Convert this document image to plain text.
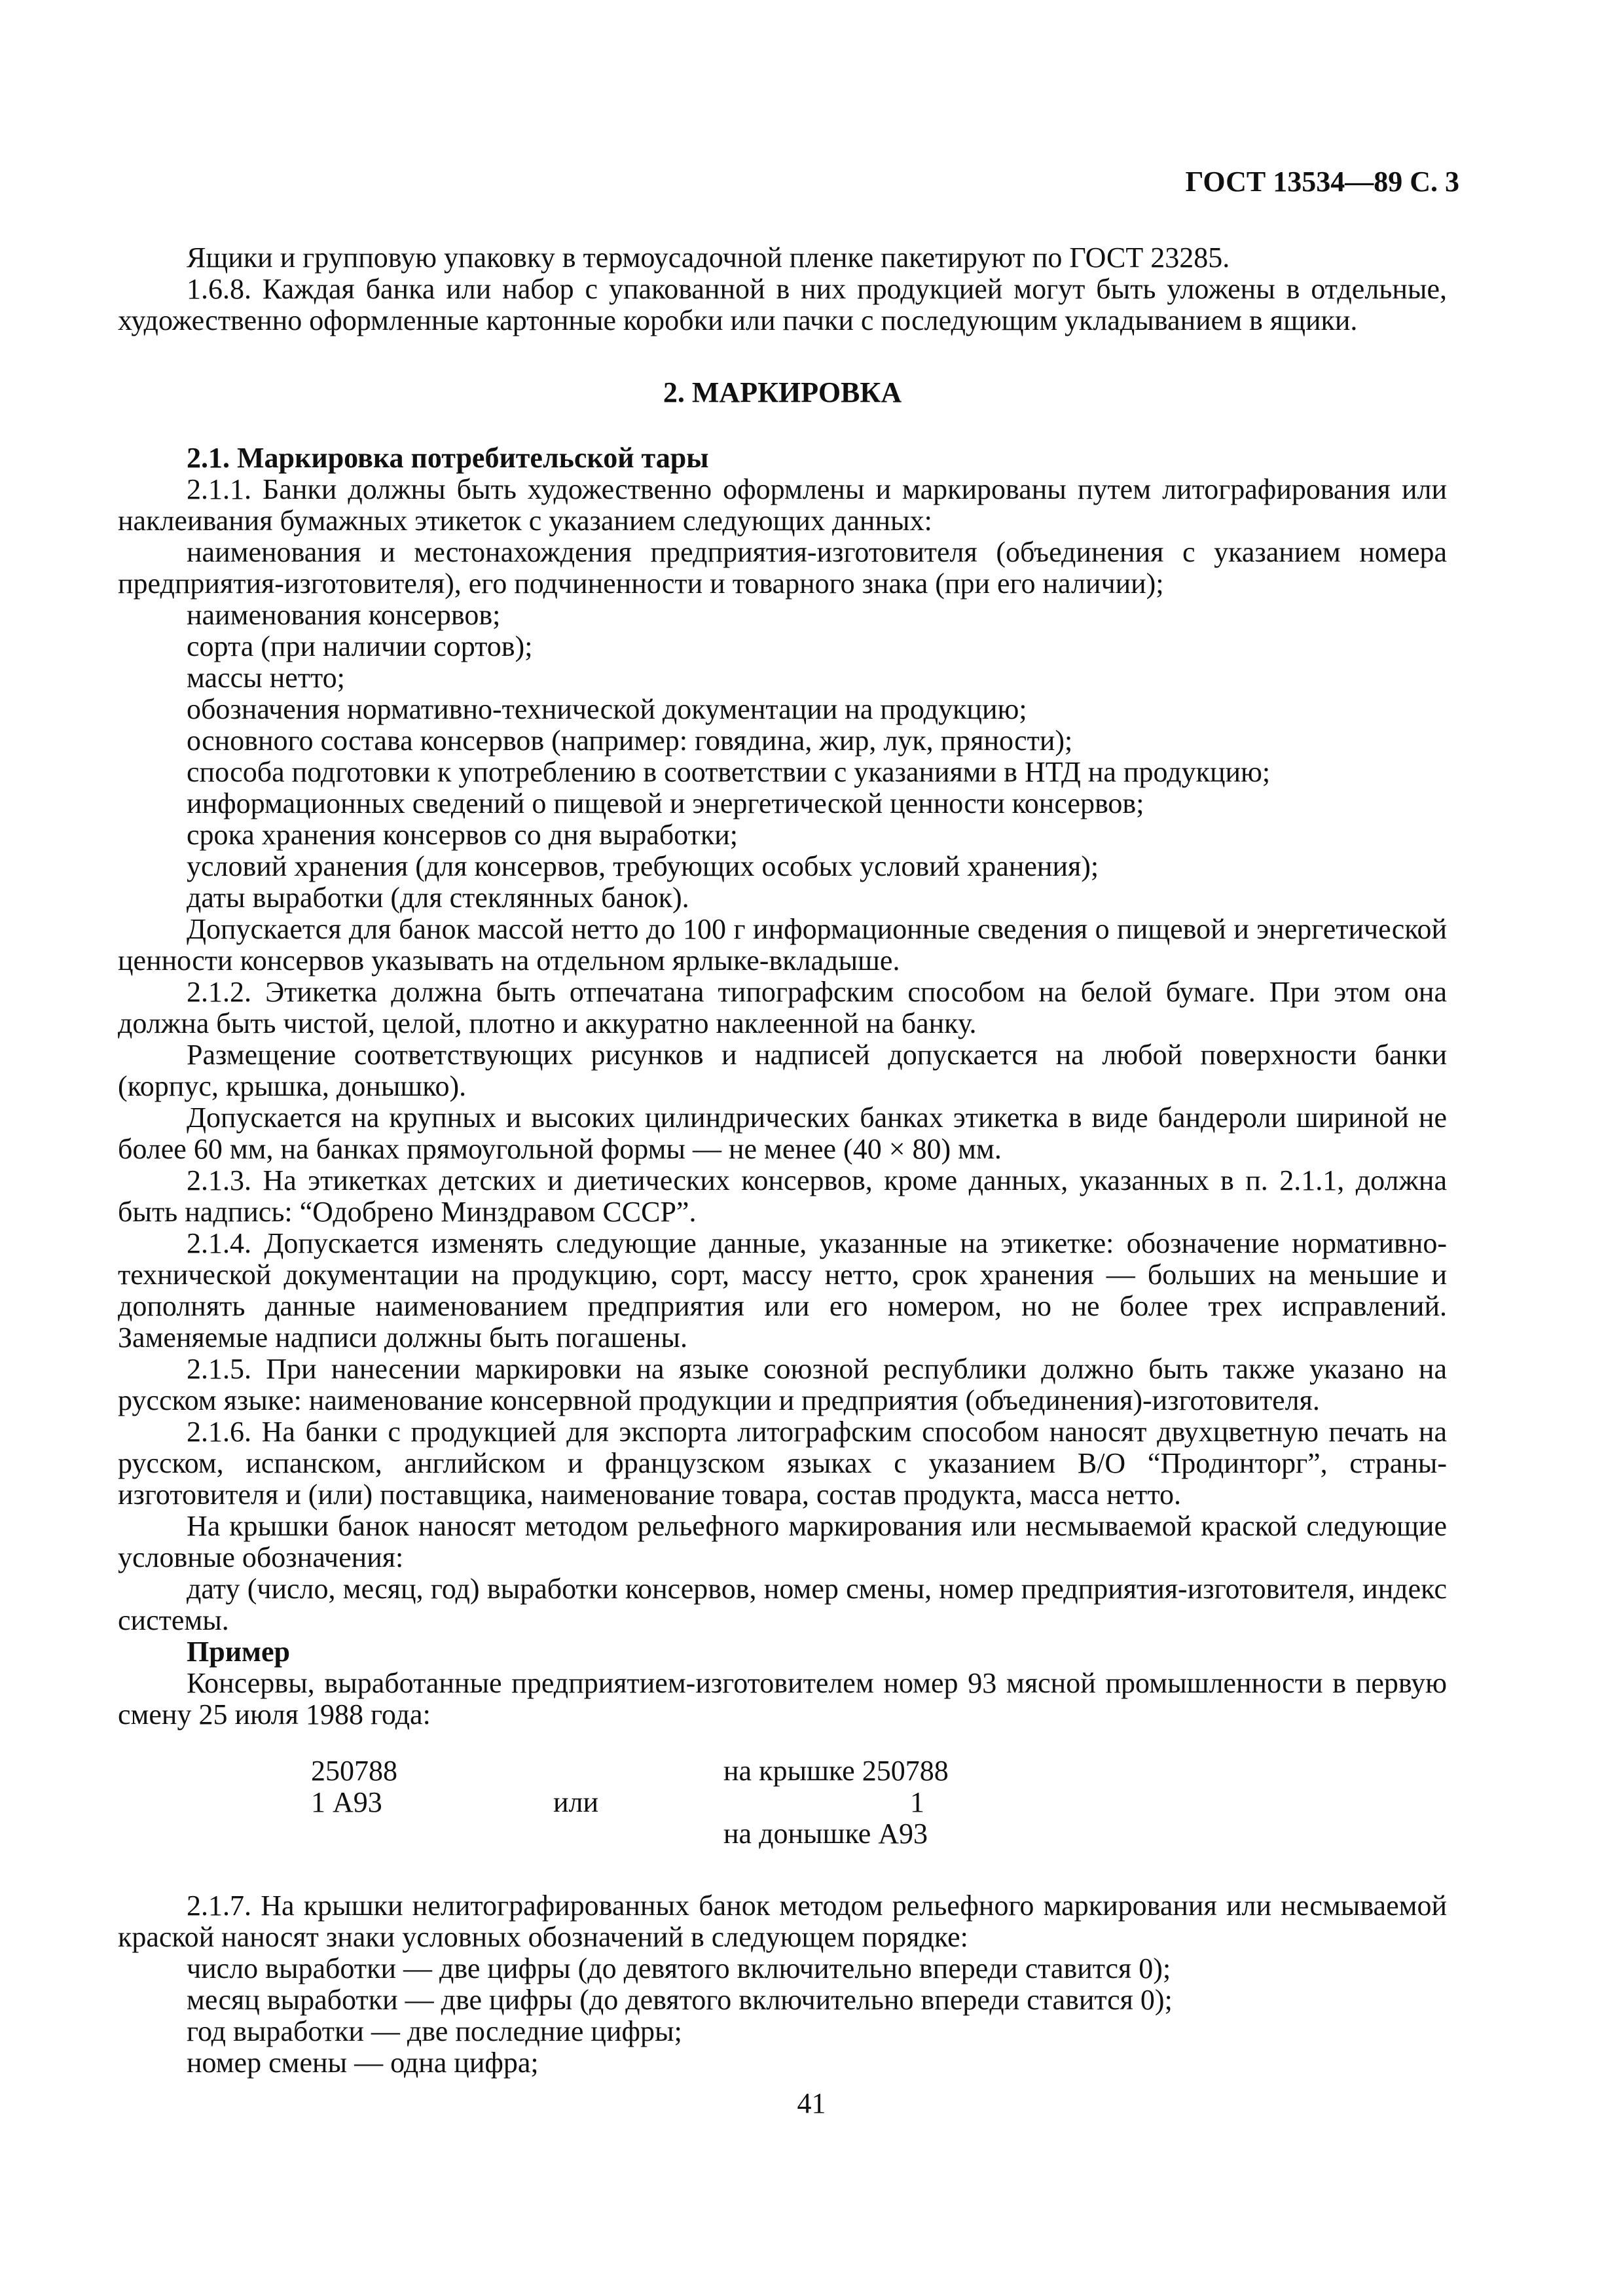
ГОСТ 13534—89 С. 3

Ящики и групповую упаковку в термоусадочной пленке пакетируют по ГОСТ 23285.

1.6.8. Каждая банка или набор с упакованной в них продукцией могут быть уложены в отдельные, художественно оформленные картонные коробки или пачки с последующим укладыванием в ящики.

2. МАРКИРОВКА

2.1. Маркировка потребительской тары

2.1.1. Банки должны быть художественно оформлены и маркированы путем литографирования или наклеивания бумажных этикеток с указанием следующих данных:

наименования и местонахождения предприятия-изготовителя (объединения с указанием номера предприятия-изготовителя), его подчиненности и товарного знака (при его наличии);

наименования консервов;

сорта (при наличии сортов);

массы нетто;

обозначения нормативно-технической документации на продукцию;

основного состава консервов (например: говядина, жир, лук, пряности);

способа подготовки к употреблению в соответствии с указаниями в НТД на продукцию;

информационных сведений о пищевой и энергетической ценности консервов;

срока хранения консервов со дня выработки;

условий хранения (для консервов, требующих особых условий хранения);

даты выработки (для стеклянных банок).

Допускается для банок массой нетто до 100 г информационные сведения о пищевой и энергетической ценности консервов указывать на отдельном ярлыке-вкладыше.

2.1.2. Этикетка должна быть отпечатана типографским способом на белой бумаге. При этом она должна быть чистой, целой, плотно и аккуратно наклеенной на банку.

Размещение соответствующих рисунков и надписей допускается на любой поверхности банки (корпус, крышка, донышко).

Допускается на крупных и высоких цилиндрических банках этикетка в виде бандероли шириной не более 60 мм, на банках прямоугольной формы — не менее (40 × 80) мм.

2.1.3. На этикетках детских и диетических консервов, кроме данных, указанных в п. 2.1.1, должна быть надпись: “Одобрено Минздравом СССР”.

2.1.4. Допускается изменять следующие данные, указанные на этикетке: обозначение нормативно-технической документации на продукцию, сорт, массу нетто, срок хранения — больших на меньшие и дополнять данные наименованием предприятия или его номером, но не более трех исправлений. Заменяемые надписи должны быть погашены.

2.1.5. При нанесении маркировки на языке союзной республики должно быть также указано на русском языке: наименование консервной продукции и предприятия (объединения)-изготовителя.

2.1.6. На банки с продукцией для экспорта литографским способом наносят двухцветную печать на русском, испанском, английском и французском языках с указанием В/О “Продинторг”, страны-изготовителя и (или) поставщика, наименование товара, состав продукта, масса нетто.

На крышки банок наносят методом рельефного маркирования или несмываемой краской следующие условные обозначения:

дату (число, месяц, год) выработки консервов, номер смены, номер предприятия-изготовителя, индекс системы.

Пример

Консервы, выработанные предприятием-изготовителем номер 93 мясной промышленности в первую смену 25 июля 1988 года:

250788
1 А93	или
на крышке 250788
1
на донышке А93

2.1.7. На крышки нелитографированных банок методом рельефного маркирования или несмываемой краской наносят знаки условных обозначений в следующем порядке:

число выработки — две цифры (до девятого включительно впереди ставится 0);

месяц выработки — две цифры (до девятого включительно впереди ставится 0);

год выработки — две последние цифры;

номер смены — одна цифра;

41
